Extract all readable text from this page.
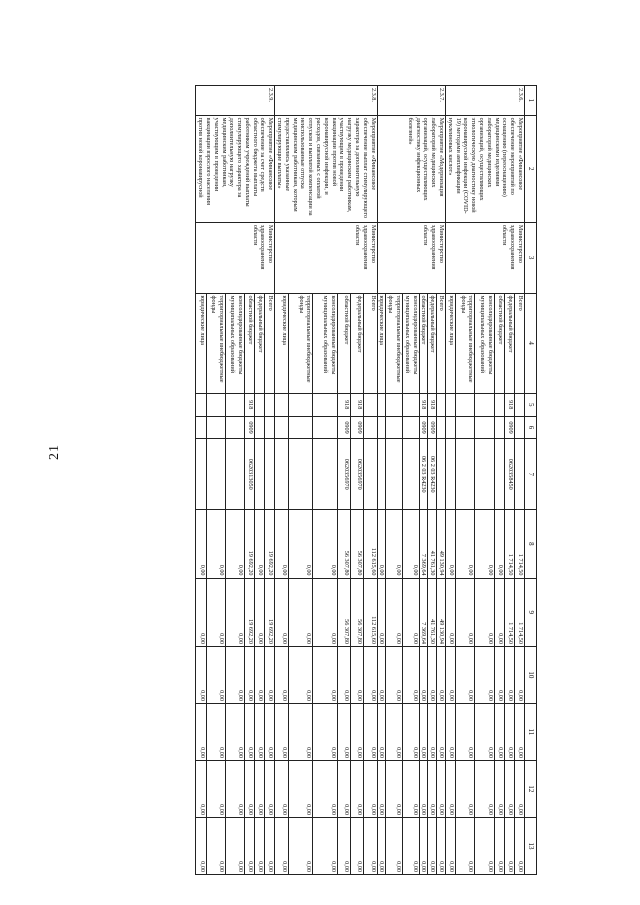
21
1	2	3	4	5	6	7	8	9	10	11	12	13
2.3.6.	Мероприятие «Финансовое обеспечение мероприятий по оснащению (переоснащению) медицинскими изделиями лабораторий медицинских организаций, осуществляющих этиологическую диагностику новой коронавирусной инфекции (COVID-19) методами амплификации нуклеиновых кислот»	Министерство здравоохранения области	Всего				1 714,50	1 714,50	0,00	0,00	0,00	0,00
			федеральный бюджет	918	0909	0620358450	1 714,50	1 714,50	0,00	0,00	0,00	0,00
			областной бюджет				0,00	0,00	0,00	0,00	0,00	0,00
			консолидированные бюджеты муниципальных образований				0,00	0,00	0,00	0,00	0,00	0,00
			территориальные внебюджетные фонды				0,00	0,00	0,00	0,00	0,00	0,00
			юридические лица				0,00	0,00	0,00	0,00	0,00	0,00
2.3.7.	Мероприятие «Модернизация лабораторий медицинских организаций, осуществляющих диагностику инфекционных болезней»	Министерство здравоохранения области	Всего				49 130,94	49 130,94	0,00	0,00	0,00	0,00
			федеральный бюджет	918	0909	06 2 03 R4230	41 761,30	41 761,30	0,00	0,00	0,00	0,00
			областной бюджет	918	0909	06 2 03 R4230	7 369,64	7 369,64	0,00	0,00	0,00	0,00
			консолидированные бюджеты муниципальных образований				0,00	0,00	0,00	0,00	0,00	0,00
			территориальные внебюджетные фонды				0,00	0,00	0,00	0,00	0,00	0,00
			юридические лица				0,00	0,00	0,00	0,00	0,00	0,00
2.3.8.	Мероприятие «Финансовое обеспечение выплат стимулирующего характера за дополнительную нагрузку медицинским работникам, участвующим в проведении вакцинации против новой коронавирусной инфекции, и расходов, связанных с оплатой отпусков и выплатой компенсации за неиспользованные отпуска медицинским работникам, которым предоставлялись указанные стимулирующие выплаты»	Министерство здравоохранения области	Всего				112 615,60	112 615,60	0,00	0,00	0,00	0,00
			федеральный бюджет	918	0909	0620356970	56 307,80	56 307,80	0,00	0,00	0,00	0,00
			областной бюджет	918	0909	0620356970	56 307,80	56 307,80	0,00	0,00	0,00	0,00
			консолидированные бюджеты муниципальных образований				0,00	0,00	0,00	0,00	0,00	0,00
			территориальные внебюджетные фонды				0,00	0,00	0,00	0,00	0,00	0,00
			юридические лица				0,00	0,00	0,00	0,00	0,00	0,00
2.3.9.	Мероприятие «Финансовое обеспечение за счет средств областного бюджета выплаты работникам учреждений выплаты стимулирующего характера за дополнительную нагрузку медицинским работникам, участвующим в проведении вакцинации взрослого населения против новой коронавирусной	Министерство здравоохранения области	Всего				19 692,20	19 692,20	0,00	0,00	0,00	0,00
			федеральный бюджет				0,00	0,00	0,00	0,00	0,00	0,00
			областной бюджет	918	0909	0620313050	19 692,20	19 692,20	0,00	0,00	0,00	0,00
			консолидированные бюджеты муниципальных образований				0,00	0,00	0,00	0,00	0,00	0,00
			территориальные внебюджетные фонды				0,00	0,00	0,00	0,00	0,00	0,00
			юридические лица				0,00	0,00	0,00	0,00	0,00	0,00
